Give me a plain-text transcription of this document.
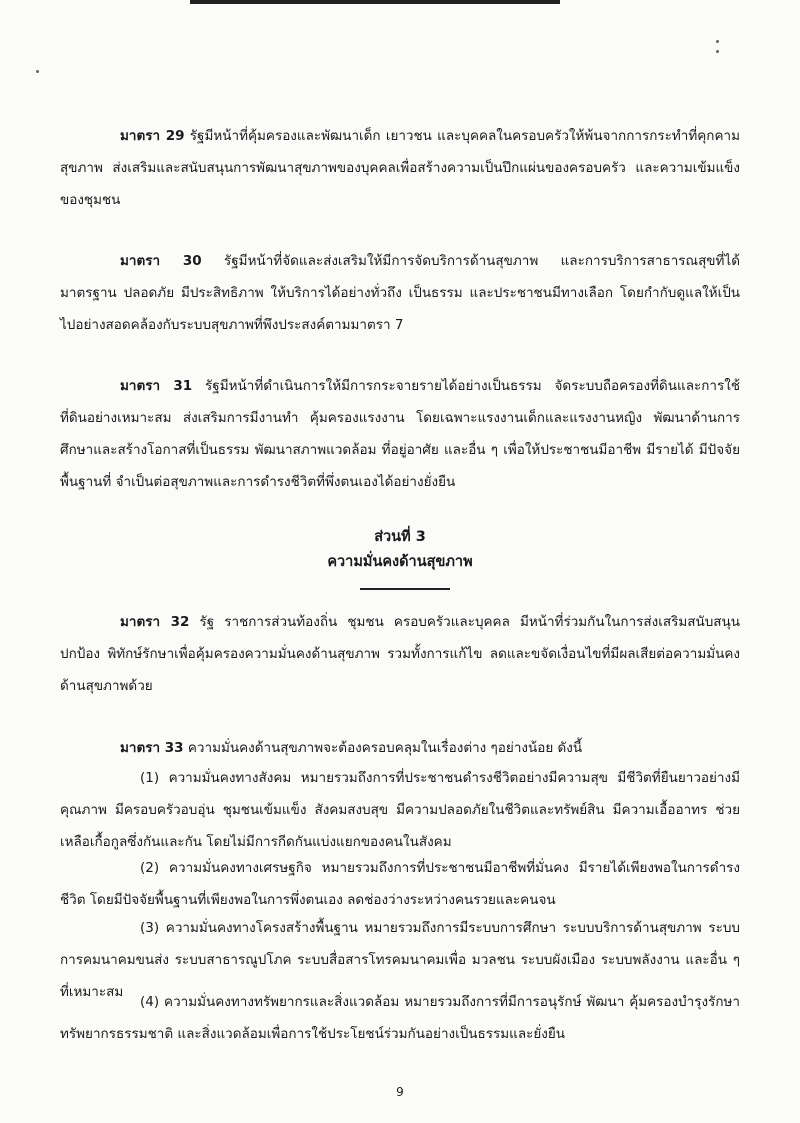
มาตรา 29 รัฐมีหน้าที่คุ้มครองและพัฒนาเด็ก เยาวชน และบุคคลในครอบครัวให้พ้นจากการกระทำที่คุกคามสุขภาพ ส่งเสริมและสนับสนุนการพัฒนาสุขภาพของบุคคลเพื่อสร้างความเป็นปึกแผ่นของครอบครัว และความเข้มแข็งของชุมชน

มาตรา 30 รัฐมีหน้าที่จัดและส่งเสริมให้มีการจัดบริการด้านสุขภาพ และการบริการสาธารณสุขที่ได้มาตรฐาน ปลอดภัย มีประสิทธิภาพ ให้บริการได้อย่างทั่วถึง เป็นธรรม และประชาชนมีทางเลือก โดยกำกับดูแลให้เป็นไปอย่างสอดคล้องกับระบบสุขภาพที่พึงประสงค์ตามมาตรา 7

มาตรา 31 รัฐมีหน้าที่ดำเนินการให้มีการกระจายรายได้อย่างเป็นธรรม จัดระบบถือครองที่ดินและการใช้ที่ดินอย่างเหมาะสม ส่งเสริมการมีงานทำ คุ้มครองแรงงาน โดยเฉพาะแรงงานเด็กและแรงงานหญิง พัฒนาด้านการศึกษาและสร้างโอกาสที่เป็นธรรม พัฒนาสภาพแวดล้อม ที่อยู่อาศัย และอื่น ๆ เพื่อให้ประชาชนมีอาชีพ มีรายได้ มีปัจจัยพื้นฐานที่ จำเป็นต่อสุขภาพและการดำรงชีวิตที่พึ่งตนเองได้อย่างยั่งยืน

ส่วนที่ 3

ความมั่นคงด้านสุขภาพ

มาตรา 32 รัฐ ราชการส่วนท้องถิ่น ชุมชน ครอบครัวและบุคคล มีหน้าที่ร่วมกันในการส่งเสริมสนับสนุน ปกป้อง พิทักษ์รักษาเพื่อคุ้มครองความมั่นคงด้านสุขภาพ รวมทั้งการแก้ไข ลดและขจัดเงื่อนไขที่มีผลเสียต่อความมั่นคงด้านสุขภาพด้วย

มาตรา 33 ความมั่นคงด้านสุขภาพจะต้องครอบคลุมในเรื่องต่าง ๆอย่างน้อย ดังนี้

(1) ความมั่นคงทางสังคม หมายรวมถึงการที่ประชาชนดำรงชีวิตอย่างมีความสุข มีชีวิตที่ยืนยาวอย่างมีคุณภาพ มีครอบครัวอบอุ่น ชุมชนเข้มแข็ง สังคมสงบสุข มีความปลอดภัยในชีวิตและทรัพย์สิน มีความเอื้ออาทร ช่วยเหลือเกื้อกูลซึ่งกันและกัน โดยไม่มีการกีดกันแบ่งแยกของคนในสังคม

(2) ความมั่นคงทางเศรษฐกิจ หมายรวมถึงการที่ประชาชนมีอาชีพที่มั่นคง มีรายได้เพียงพอในการดำรงชีวิต โดยมีปัจจัยพื้นฐานที่เพียงพอในการพึ่งตนเอง ลดช่องว่างระหว่างคนรวยและคนจน

(3) ความมั่นคงทางโครงสร้างพื้นฐาน หมายรวมถึงการมีระบบการศึกษา ระบบบริการด้านสุขภาพ ระบบการคมนาคมขนส่ง ระบบสาธารณูปโภค ระบบสื่อสารโทรคมนาคมเพื่อ มวลชน ระบบผังเมือง ระบบพลังงาน และอื่น ๆ ที่เหมาะสม

(4) ความมั่นคงทางทรัพยากรและสิ่งแวดล้อม หมายรวมถึงการที่มีการอนุรักษ์ พัฒนา คุ้มครองบำรุงรักษาทรัพยากรธรรมชาติ และสิ่งแวดล้อมเพื่อการใช้ประโยชน์ร่วมกันอย่างเป็นธรรมและยั่งยืน

9
